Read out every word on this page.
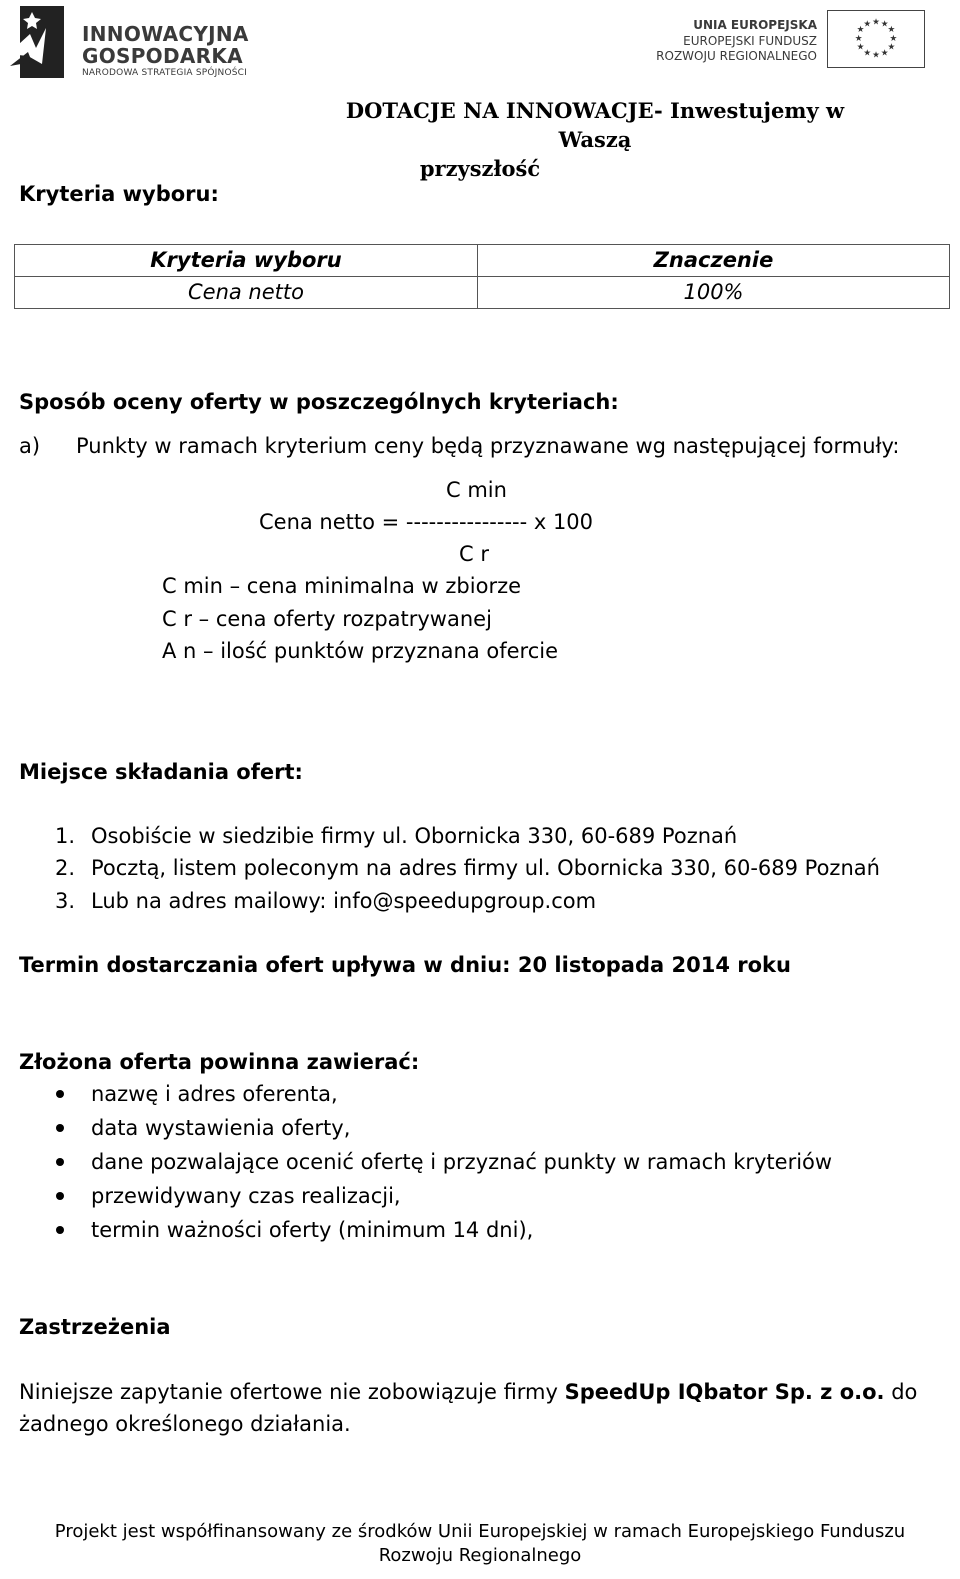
INNOWACYJNA
GOSPODARKA
NARODOWA STRATEGIA SPÓJNOŚCI
UNIA EUROPEJSKA
EUROPEJSKI FUNDUSZ
ROZWOJU REGIONALNEGO
★ ★
★
★
★
★
★
★
★
★
★
★
DOTACJE NA INNOWACJE- Inwestujemy w Waszą
przyszłość
Kryteria wyboru:
Kryteria wyboru	Znaczenie
Cena netto	100%
Sposób oceny oferty w poszczególnych kryteriach:
a) Punkty w ramach kryterium ceny będą przyznawane wg następującej formuły:
C min
Cena netto = ---------------- x 100
C r
C min – cena minimalna w zbiorze
C r – cena oferty rozpatrywanej
A n – ilość punktów przyznana ofercie
Miejsce składania ofert:
1. Osobiście w siedzibie firmy ul. Obornicka 330, 60-689 Poznań
2. Pocztą, listem poleconym na adres firmy ul. Obornicka 330, 60-689 Poznań
3. Lub na adres mailowy: info@speedupgroup.com
Termin dostarczania ofert upływa w dniu: 20 listopada 2014 roku
Złożona oferta powinna zawierać:
nazwę i adres oferenta,
data wystawienia oferty,
dane pozwalające ocenić ofertę i przyznać punkty w ramach kryteriów
przewidywany czas realizacji,
termin ważności oferty (minimum 14 dni),
Zastrzeżenia
Niniejsze zapytanie ofertowe nie zobowiązuje firmy SpeedUp IQbator Sp. z o.o. do
żadnego określonego działania.
Projekt jest współfinansowany ze środków Unii Europejskiej w ramach Europejskiego Funduszu
Rozwoju Regionalnego
